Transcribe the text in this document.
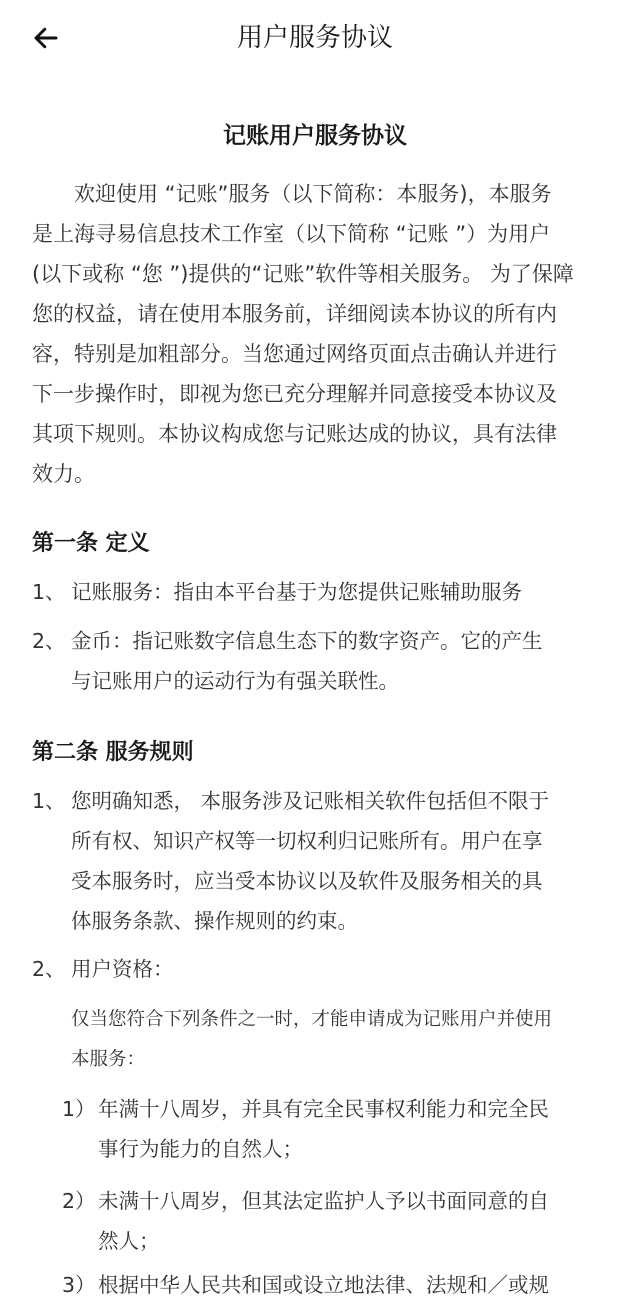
用户服务协议
记账用户服务协议

欢迎使用 “记账”服务（以下简称：本服务)，本服务
是上海寻易信息技术工作室（以下简称 “记账 ”）为用户
(以下或称 “您 ”)提供的“记账”软件等相关服务。 为了保障
您的权益，请在使用本服务前，详细阅读本协议的所有内
容，特别是加粗部分。当您通过网络页面点击确认并进行
下一步操作时，即视为您已充分理解并同意接受本协议及
其项下规则。本协议构成您与记账达成的协议，具有法律
效力。

第一条 定义
1、 记账服务：指由本平台基于为您提供记账辅助服务
2、 金币：指记账数字信息生态下的数字资产。它的产生
与记账用户的运动行为有强关联性。
第二条 服务规则
1、 您明确知悉， 本服务涉及记账相关软件包括但不限于
所有权、知识产权等一切权利归记账所有。用户在享
受本服务时，应当受本协议以及软件及服务相关的具
体服务条款、操作规则的约束。
2、 用户资格：
仅当您符合下列条件之一时，才能申请成为记账用户并使用
本服务：
1） 年满十八周岁，并具有完全民事权利能力和完全民
事行为能力的自然人；
2） 未满十八周岁，但其法定监护人予以书面同意的自
然人；
3） 根据中华人民共和国或设立地法律、法规和／或规
